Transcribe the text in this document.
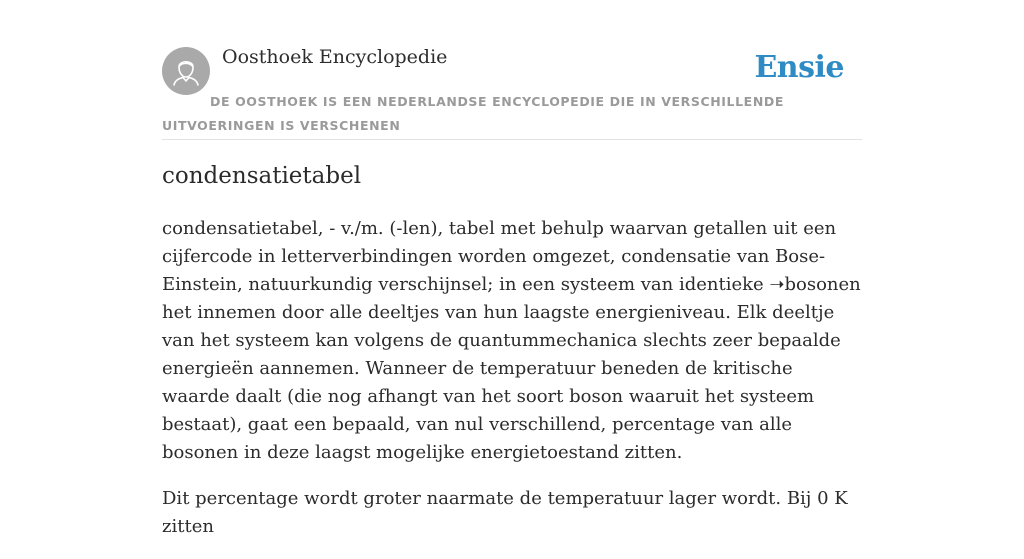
Oosthoek Encyclopedie	Ensie
DE OOSTHOEK IS EEN NEDERLANDSE ENCYCLOPEDIE DIE IN VERSCHILLENDE UITVOERINGEN IS VERSCHENEN
condensatietabel

condensatietabel, - v./m. (-len), tabel met behulp waarvan getallen uit een cijfercode in letterverbindingen worden omgezet, condensatie van Bose-Einstein, natuurkundig verschijnsel; in een systeem van identieke ➝bosonen het innemen door alle deeltjes van hun laagste energieniveau. Elk deeltje van het systeem kan volgens de quantummechanica slechts zeer bepaalde energieën aannemen. Wanneer de temperatuur beneden de kritische waarde daalt (die nog afhangt van het soort boson waaruit het systeem bestaat), gaat een bepaald, van nul verschillend, percentage van alle bosonen in deze laagst mogelijke energietoestand zitten.

Dit percentage wordt groter naarmate de temperatuur lager wordt. Bij 0 K zitten
